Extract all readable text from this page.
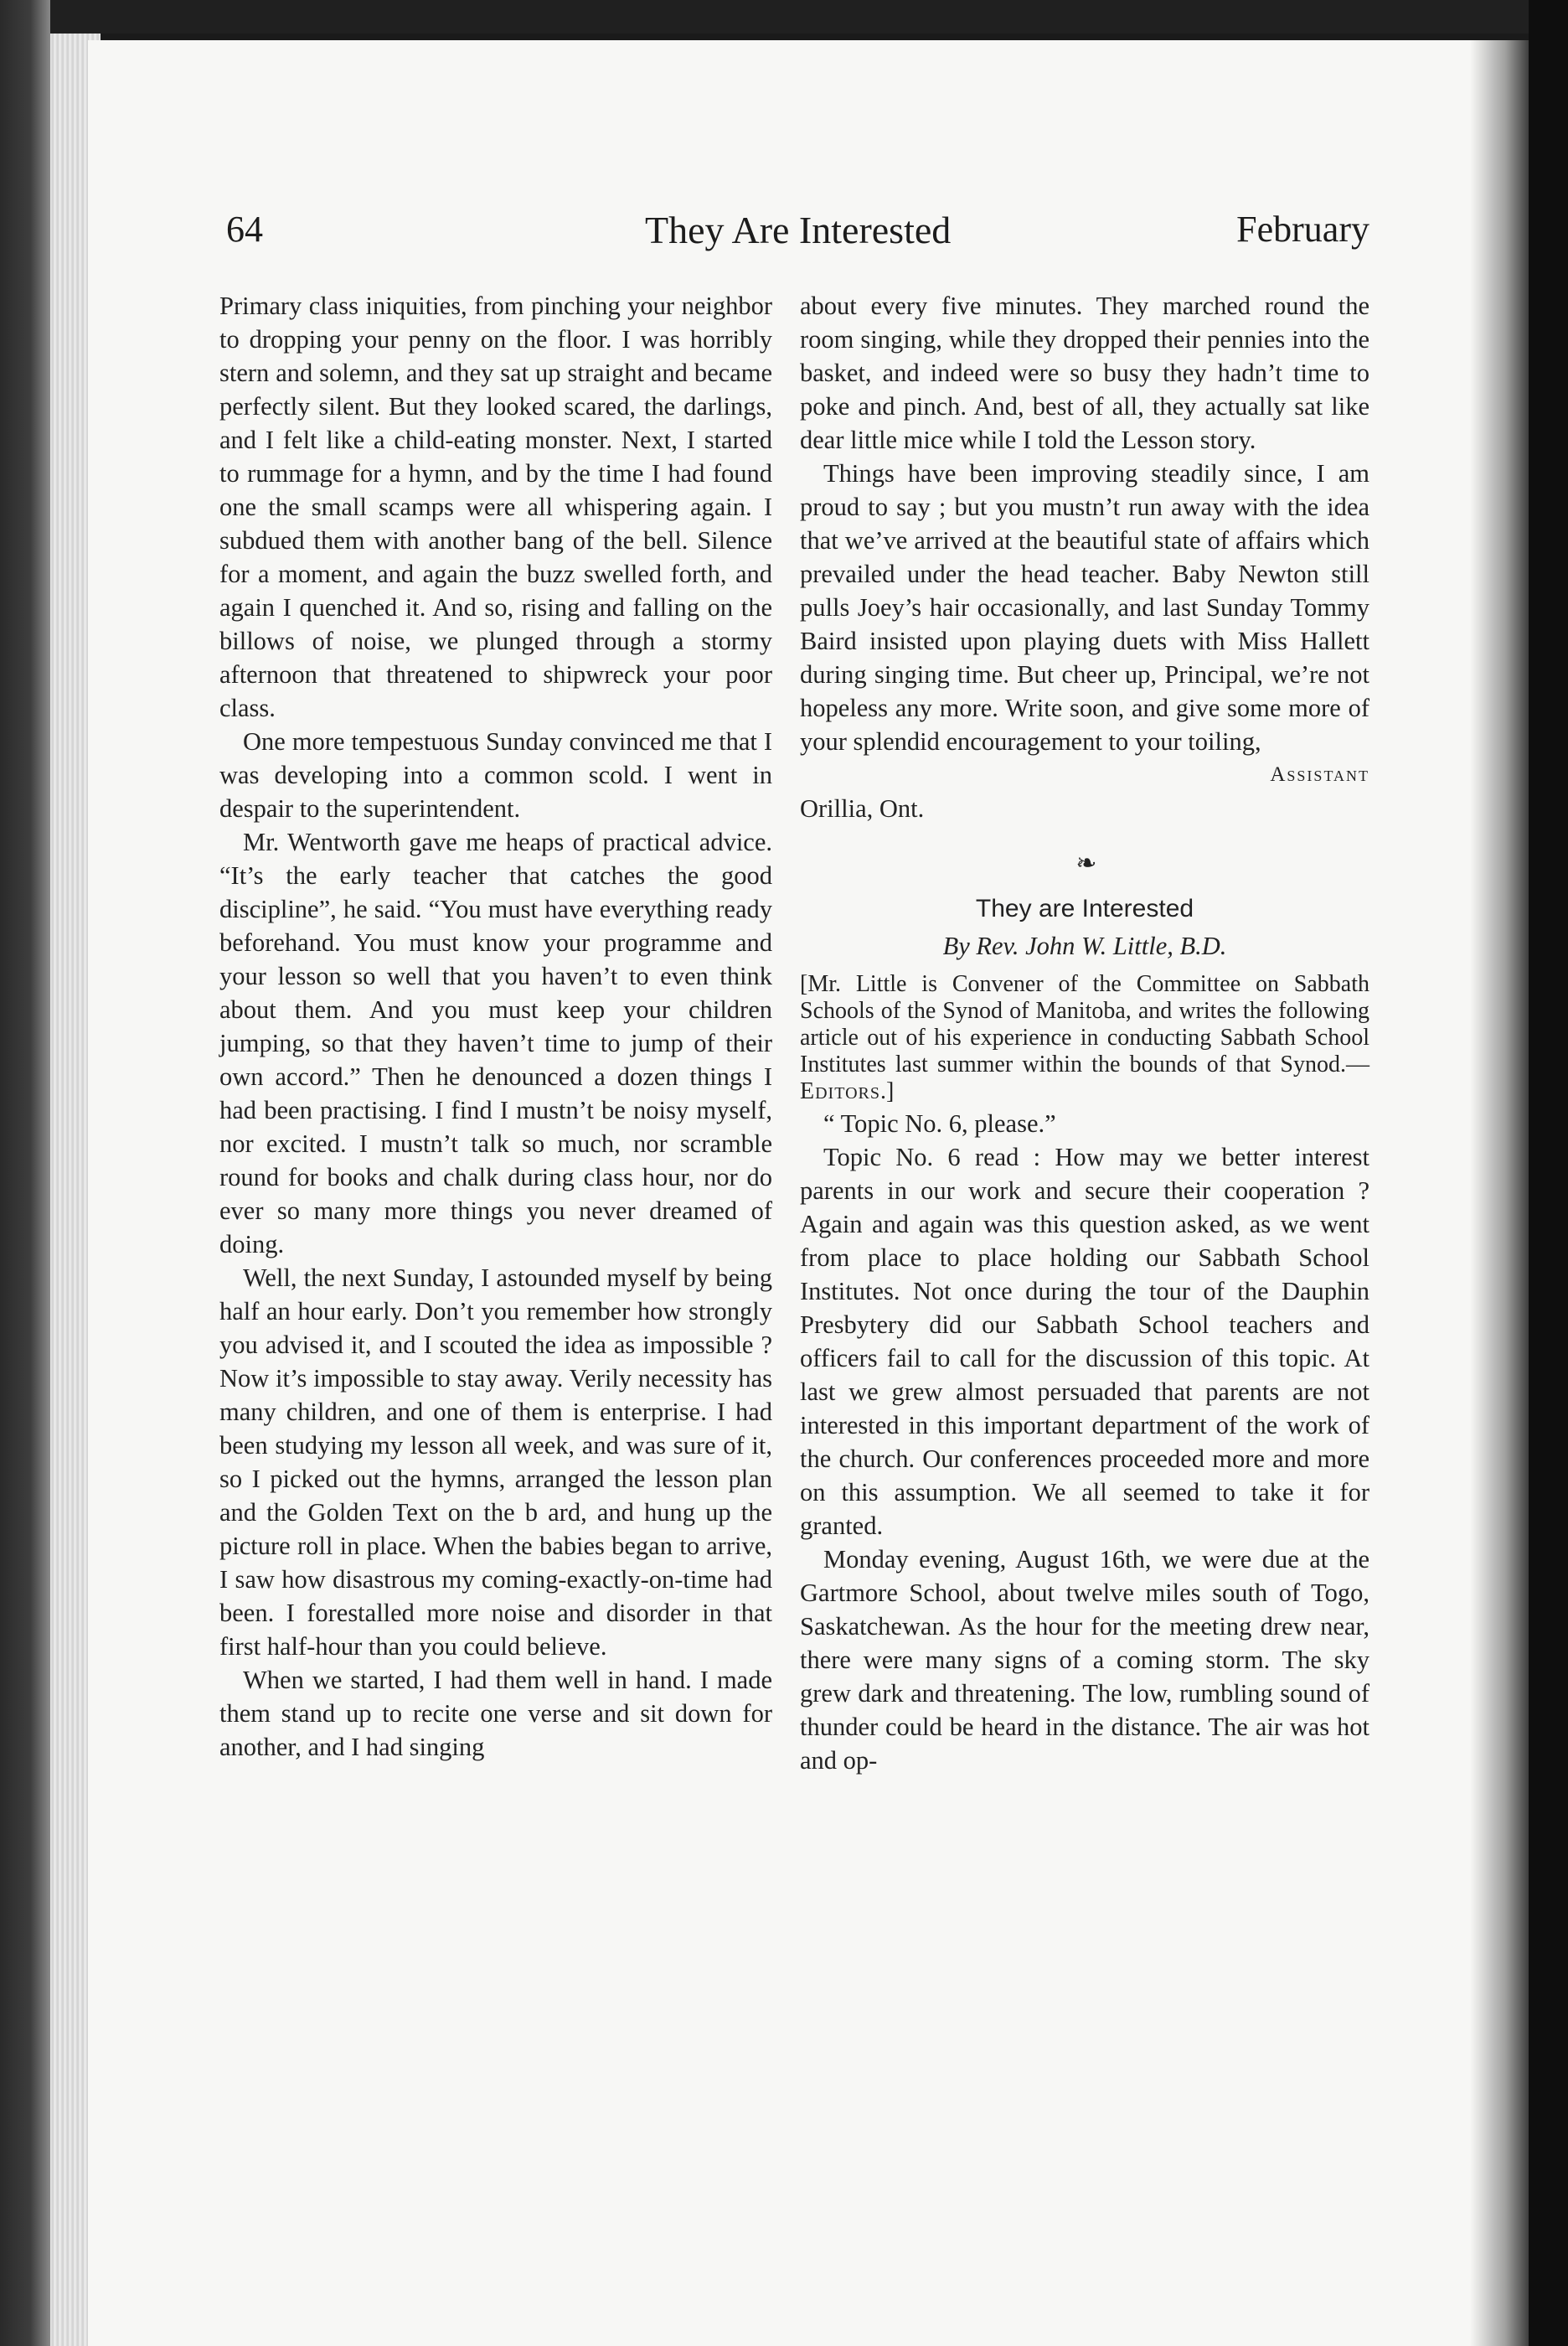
64	They Are Interested	February

Primary class iniquities, from pinching your neighbor to dropping your penny on the floor. I was horribly stern and solemn, and they sat up straight and became perfectly silent. But they looked scared, the darlings, and I felt like a child-eating monster. Next, I started to rummage for a hymn, and by the time I had found one the small scamps were all whispering again. I subdued them with another bang of the bell. Silence for a moment, and again the buzz swelled forth, and again I quenched it. And so, rising and falling on the billows of noise, we plunged through a stormy afternoon that threatened to shipwreck your poor class.

One more tempestuous Sunday convinced me that I was developing into a common scold. I went in despair to the superintendent.

Mr. Wentworth gave me heaps of practical advice. “It’s the early teacher that catches the good discipline”, he said. “You must have everything ready beforehand. You must know your programme and your lesson so well that you haven’t to even think about them. And you must keep your children jumping, so that they haven’t time to jump of their own accord.” Then he denounced a dozen things I had been practising. I find I mustn’t be noisy myself, nor excited. I mustn’t talk so much, nor scramble round for books and chalk during class hour, nor do ever so many more things you never dreamed of doing.

Well, the next Sunday, I astounded myself by being half an hour early. Don’t you remember how strongly you advised it, and I scouted the idea as impossible ? Now it’s impossible to stay away. Verily necessity has many children, and one of them is enterprise. I had been studying my lesson all week, and was sure of it, so I picked out the hymns, arranged the lesson plan and the Golden Text on the b ard, and hung up the picture roll in place. When the babies began to arrive, I saw how disastrous my coming-exactly-on-time had been. I forestalled more noise and disorder in that first half-hour than you could believe.

When we started, I had them well in hand. I made them stand up to recite one verse and sit down for another, and I had singing

about every five minutes. They marched round the room singing, while they dropped their pennies into the basket, and indeed were so busy they hadn’t time to poke and pinch. And, best of all, they actually sat like dear little mice while I told the Lesson story.

Things have been improving steadily since, I am proud to say ; but you mustn’t run away with the idea that we’ve arrived at the beautiful state of affairs which prevailed under the head teacher. Baby Newton still pulls Joey’s hair occasionally, and last Sunday Tommy Baird insisted upon playing duets with Miss Hallett during singing time. But cheer up, Principal, we’re not hopeless any more. Write soon, and give some more of your splendid encouragement to your toiling,

Assistant

Orillia, Ont.

❧
They are Interested
By Rev. John W. Little, B.D.

[Mr. Little is Convener of the Committee on Sabbath Schools of the Synod of Manitoba, and writes the following article out of his experience in conducting Sabbath School Institutes last summer within the bounds of that Synod.—Editors.]

“ Topic No. 6, please.”

Topic No. 6 read : How may we better interest parents in our work and secure their cooperation ? Again and again was this question asked, as we went from place to place holding our Sabbath School Institutes. Not once during the tour of the Dauphin Presbytery did our Sabbath School teachers and officers fail to call for the discussion of this topic. At last we grew almost persuaded that parents are not interested in this important department of the work of the church. Our conferences proceeded more and more on this assumption. We all seemed to take it for granted.

Monday evening, August 16th, we were due at the Gartmore School, about twelve miles south of Togo, Saskatchewan. As the hour for the meeting drew near, there were many signs of a coming storm. The sky grew dark and threatening. The low, rumbling sound of thunder could be heard in the distance. The air was hot and op-
